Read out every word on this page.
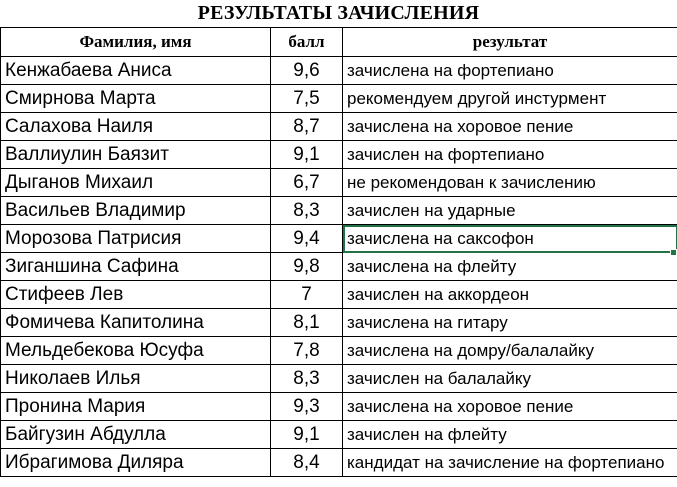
РЕЗУЛЬТАТЫ ЗАЧИСЛЕНИЯ
Фамилия, имя	балл	результат
Кенжабаева Аниса	9,6	зачислена на фортепиано
Смирнова Марта	7,5	рекомендуем другой инстурмент
Салахова Наиля	8,7	зачислена на хоровое пение
Валлиулин Баязит	9,1	зачислен на фортепиано
Дыганов Михаил	6,7	не рекомендован к зачислению
Васильев Владимир	8,3	зачислен на ударные
Морозова Патрисия	9,4	зачислена на саксофон
Зиганшина Сафина	9,8	зачислена на флейту
Стифеев Лев	7	зачислен на аккордеон
Фомичева Капитолина	8,1	зачислена на гитару
Мельдебекова Юсуфа	7,8	зачислена на домру/балалайку
Николаев Илья	8,3	зачислен на балалайку
Пронина Мария	9,3	зачислена на хоровое пение
Байгузин Абдулла	9,1	зачислен на флейту
Ибрагимова Диляра	8,4	кандидат на зачисление на фортепиано
